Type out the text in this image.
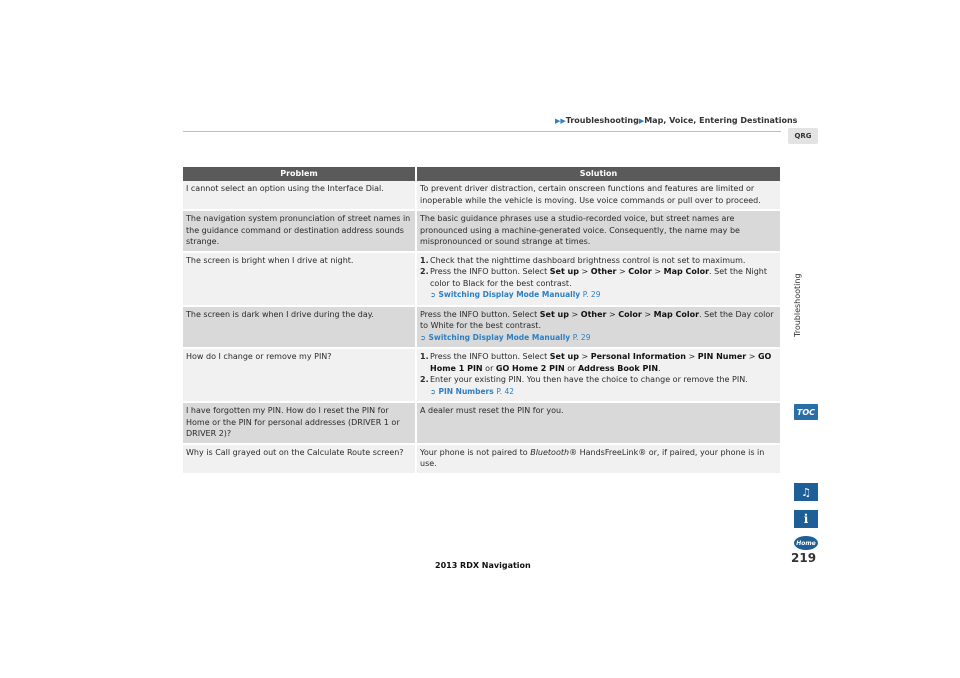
▶▶Troubleshooting▶Map, Voice, Entering Destinations
QRG
Troubleshooting
TOC
♫
i
Home
219
2013 RDX Navigation
Problem	Solution
I cannot select an option using the Interface Dial.	To prevent driver distraction, certain onscreen functions and features are limited or inoperable while the vehicle is moving. Use voice commands or pull over to proceed.
The navigation system pronunciation of street names in the guidance command or destination address sounds strange.	The basic guidance phrases use a studio-recorded voice, but street names are pronounced using a machine-generated voice. Consequently, the name may be mispronounced or sound strange at times.
The screen is bright when I drive at night.	1. Check that the nighttime dashboard brightness control is not set to maximum.
2. Press the INFO button. Select Set up > Other > Color > Map Color. Set the Night color to Black for the best contrast.
➲ Switching Display Mode Manually P. 29

The screen is dark when I drive during the day.	Press the INFO button. Select Set up > Other > Color > Map Color. Set the Day color to White for the best contrast.
➲ Switching Display Mode Manually P. 29

How do I change or remove my PIN?	1. Press the INFO button. Select Set up > Personal Information > PIN Numer > GO Home 1 PIN or GO Home 2 PIN or Address Book PIN.
2. Enter your existing PIN. You then have the choice to change or remove the PIN.
➲ PIN Numbers P. 42

I have forgotten my PIN. How do I reset the PIN for Home or the PIN for personal addresses (DRIVER 1 or DRIVER 2)?	A dealer must reset the PIN for you.
Why is Call grayed out on the Calculate Route screen?	Your phone is not paired to Bluetooth® HandsFreeLink® or, if paired, your phone is in use.
